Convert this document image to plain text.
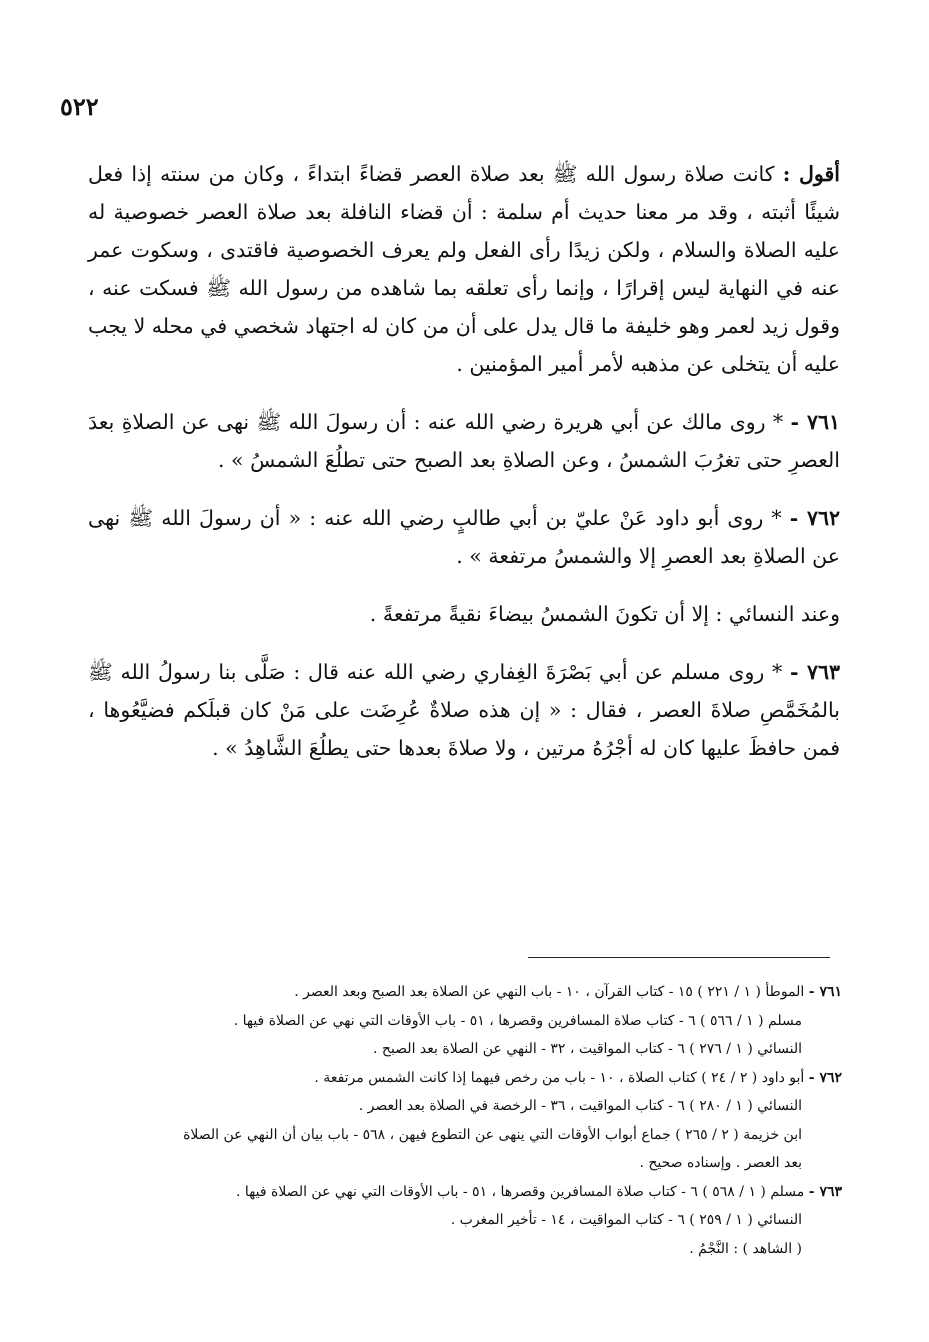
٥٢٢

أقول : كانت صلاة رسول الله ﷺ بعد صلاة العصر قضاءً ابتداءً ، وكان من سنته إذا فعل شيئًا أثبته ، وقد مر معنا حديث أم سلمة : أن قضاء النافلة بعد صلاة العصر خصوصية له عليه الصلاة والسلام ، ولكن زيدًا رأى الفعل ولم يعرف الخصوصية فاقتدى ، وسكوت عمر عنه في النهاية ليس إقرارًا ، وإنما رأى تعلقه بما شاهده من رسول الله ﷺ فسكت عنه ، وقول زيد لعمر وهو خليفة ما قال يدل على أن من كان له اجتهاد شخصي في محله لا يجب عليه أن يتخلى عن مذهبه لأمر أمير المؤمنين .

٧٦١ - * روى مالك عن أبي هريرة رضي الله عنه : أن رسولَ الله ﷺ نهى عن الصلاةِ بعدَ العصرِ حتى تغرُبَ الشمسُ ، وعن الصلاةِ بعد الصبح حتى تطلُعَ الشمسُ » .

٧٦٢ - * روى أبو داود عَنْ عليّ بن أبي طالبٍ رضي الله عنه : « أن رسولَ الله ﷺ نهى عن الصلاةِ بعد العصرِ إلا والشمسُ مرتفعة » .

وعند النسائي : إلا أن تكونَ الشمسُ بيضاءَ نقيةً مرتفعةً .

٧٦٣ - * روى مسلم عن أبي بَصْرَةَ الغِفاري رضي الله عنه قال : صَلَّى بنا رسولُ الله ﷺ بالمُخَمَّصِ صلاةَ العصر ، فقال : « إن هذه صلاةٌ عُرِضَت على مَنْ كان قبلَكم فضيَّعُوها ، فمن حافظَ عليها كان له أجْرُهُ مرتين ، ولا صلاةَ بعدها حتى يطلُعَ الشَّاهِدُ » .

٧٦١ - الموطأ ( ١ / ٢٢١ ) ١٥ - كتاب القرآن ، ١٠ - باب النهي عن الصلاة بعد الصبح وبعد العصر .

مسلم ( ١ / ٥٦٦ ) ٦ - كتاب صلاة المسافرين وقصرها ، ٥١ - باب الأوقات التي نهي عن الصلاة فيها .

النسائي ( ١ / ٢٧٦ ) ٦ - كتاب المواقيت ، ٣٢ - النهي عن الصلاة بعد الصبح .

٧٦٢ - أبو داود ( ٢ / ٢٤ ) كتاب الصلاة ، ١٠ - باب من رخص فيهما إذا كانت الشمس مرتفعة .

النسائي ( ١ / ٢٨٠ ) ٦ - كتاب المواقيت ، ٣٦ - الرخصة في الصلاة بعد العصر .

ابن خزيمة ( ٢ / ٢٦٥ ) جماع أبواب الأوقات التي ينهى عن التطوع فيهن ، ٥٦٨ - باب بيان أن النهي عن الصلاة

بعد العصر . وإسناده صحيح .

٧٦٣ - مسلم ( ١ / ٥٦٨ ) ٦ - كتاب صلاة المسافرين وقصرها ، ٥١ - باب الأوقات التي نهي عن الصلاة فيها .

النسائي ( ١ / ٢٥٩ ) ٦ - كتاب المواقيت ، ١٤ - تأخير المغرب .

( الشاهد ) : النَّجْمُ .
